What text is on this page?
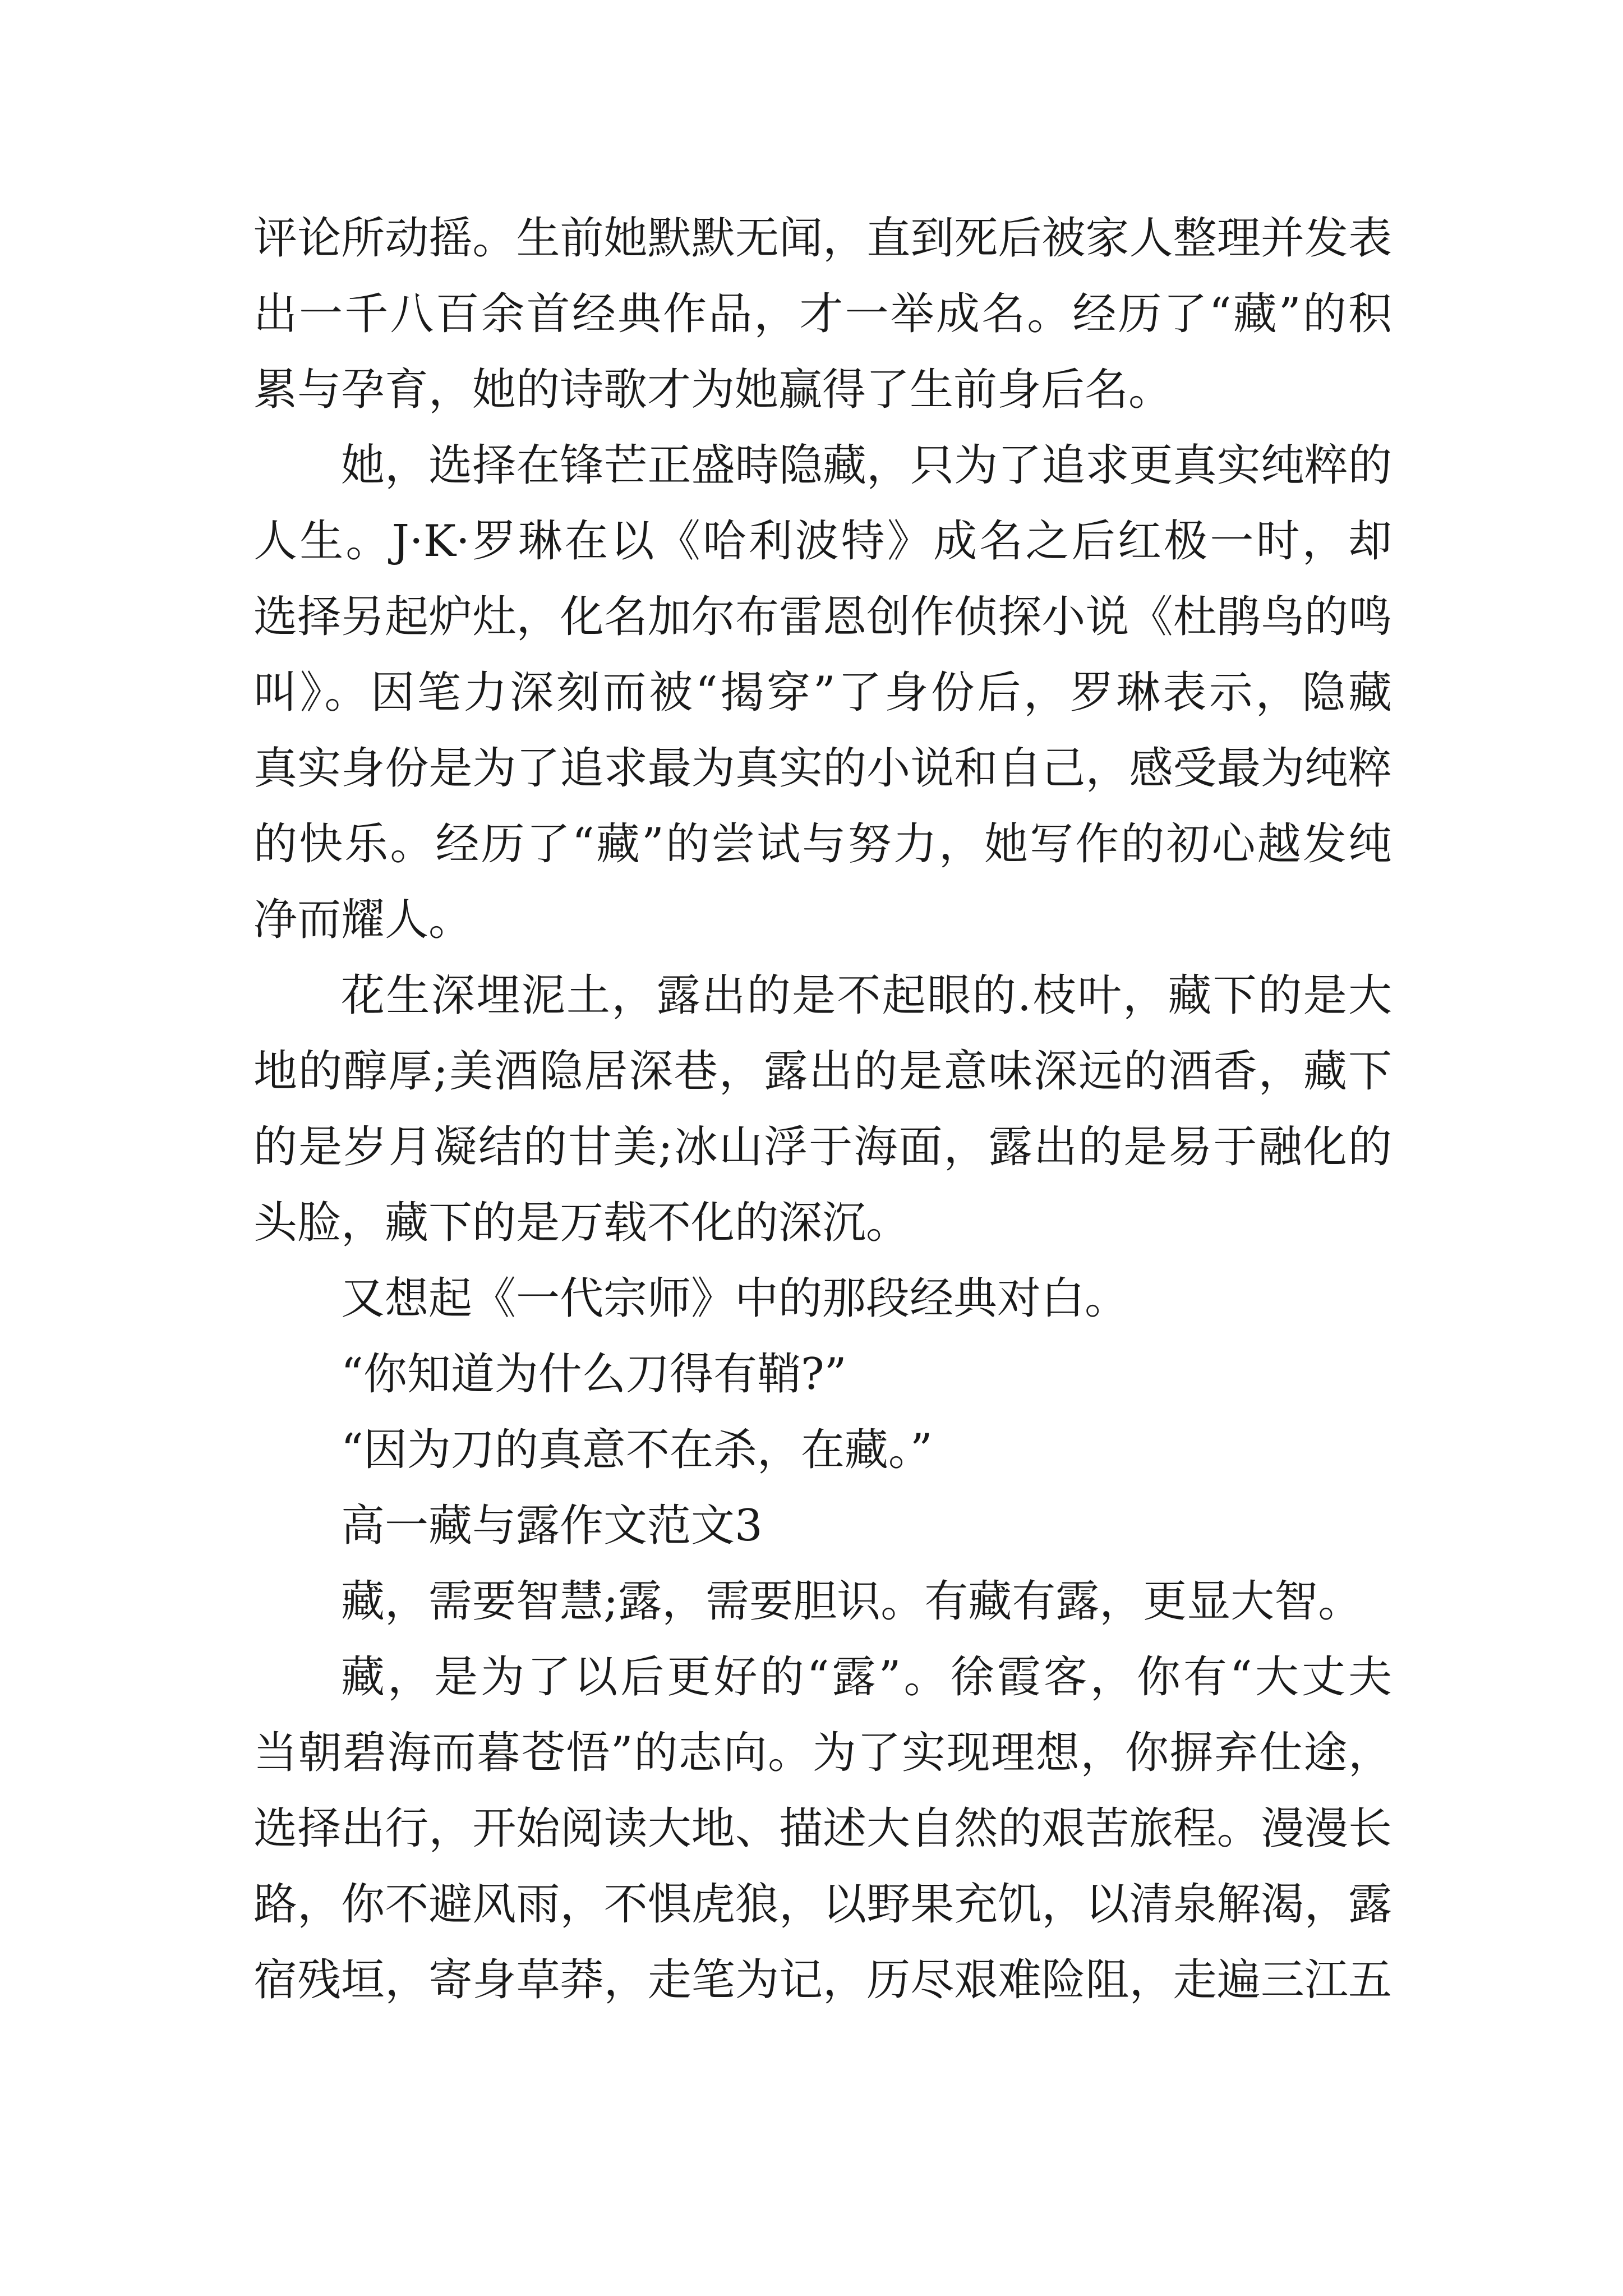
评论所动摇。生前她默默无闻，直到死后被家人整理并发表
出一千八百余首经典作品，才一举成名。经历了“藏”的积
累与孕育，她的诗歌才为她赢得了生前身后名。
她，选择在锋芒正盛時隐藏，只为了追求更真实纯粹的
人生。J·K·罗琳在以《哈利波特》成名之后红极一时，却
选择另起炉灶，化名加尔布雷恩创作侦探小说《杜鹃鸟的鸣
叫》。因笔力深刻而被“揭穿”了身份后，罗琳表示，隐藏
真实身份是为了追求最为真实的小说和自己，感受最为纯粹
的快乐。经历了“藏”的尝试与努力，她写作的初心越发纯
净而耀人。
花生深埋泥土，露出的是不起眼的.枝叶，藏下的是大
地的醇厚;美酒隐居深巷，露出的是意味深远的酒香，藏下
的是岁月凝结的甘美;冰山浮于海面，露出的是易于融化的
头脸，藏下的是万载不化的深沉。
又想起《一代宗师》中的那段经典对白。
“你知道为什么刀得有鞘?”
“因为刀的真意不在杀，在藏。”
高一藏与露作文范文3
藏，需要智慧;露，需要胆识。有藏有露，更显大智。
藏，是为了以后更好的“露”。徐霞客，你有“大丈夫
当朝碧海而暮苍悟”的志向。为了实现理想，你摒弃仕途，
选择出行，开始阅读大地、描述大自然的艰苦旅程。漫漫长
路，你不避风雨，不惧虎狼，以野果充饥，以清泉解渴，露
宿残垣，寄身草莽，走笔为记，历尽艰难险阻，走遍三江五
